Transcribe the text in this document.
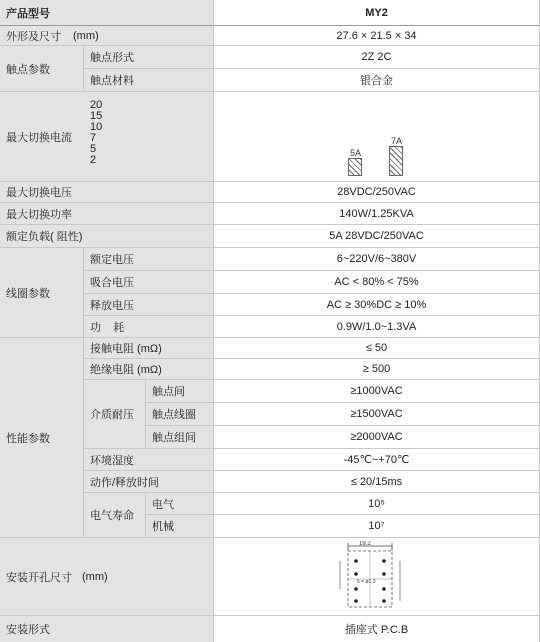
产品型号	MY2
外形及尺寸 (mm)	27.6 × 21.5 × 34
触点参数
触点形式	2Z 2C
触点材料	银合金
最大切换电流
20
15
10
7
5
2
5A
7A
最大切换电压	28VDC/250VAC
最大切换功率	140W/1.25KVA
额定负载( 阻性)	5A 28VDC/250VAC
线圈参数
额定电压	6~220V/6~380V
吸合电压	AC < 80% < 75%
释放电压	AC ≥ 30%DC ≥ 10%
功    耗	0.9W/1.0~1.3VA
性能参数
接触电阻 (mΩ)	≤ 50
绝缘电阻 (mΩ)	≥ 500
介质耐压
触点间	≥1000VAC
触点线圈	≥1500VAC
触点组间	≥2000VAC
环境湿度	-45℃~+70℃
动作/释放时间	≤ 20/15ms
电气寿命
电气	10⁵
机械	10⁷
安装开孔尺寸 (mm)
19.2
5 = ø1.3
安装形式	插座式 P.C.B
